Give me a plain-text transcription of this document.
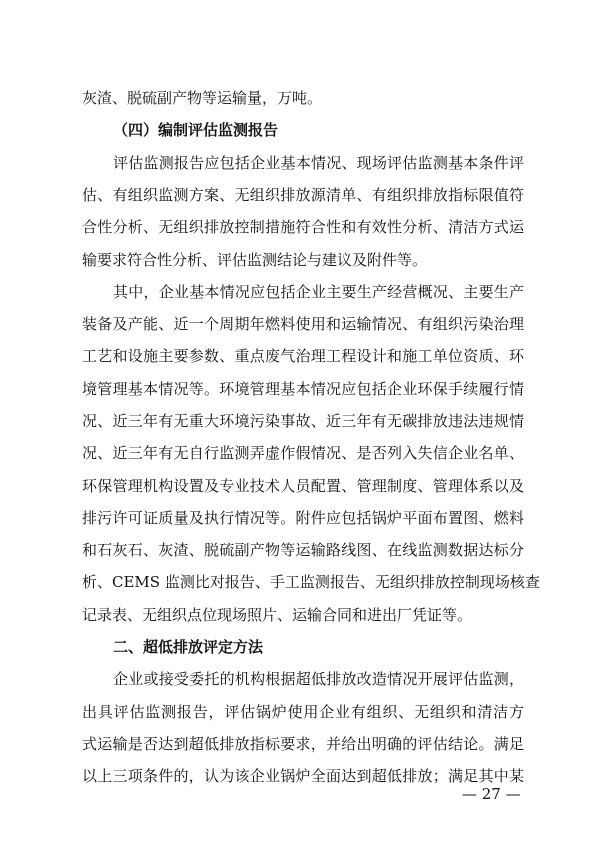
灰渣、脱硫副产物等运输量，万吨。
（四）编制评估监测报告
评估监测报告应包括企业基本情况、现场评估监测基本条件评
估、有组织监测方案、无组织排放源清单、有组织排放指标限值符
合性分析、无组织排放控制措施符合性和有效性分析、清洁方式运
输要求符合性分析、评估监测结论与建议及附件等。
其中，企业基本情况应包括企业主要生产经营概况、主要生产
装备及产能、近一个周期年燃料使用和运输情况、有组织污染治理
工艺和设施主要参数、重点废气治理工程设计和施工单位资质、环
境管理基本情况等。环境管理基本情况应包括企业环保手续履行情
况、近三年有无重大环境污染事故、近三年有无碳排放违法违规情
况、近三年有无自行监测弄虚作假情况、是否列入失信企业名单、
环保管理机构设置及专业技术人员配置、管理制度、管理体系以及
排污许可证质量及执行情况等。附件应包括锅炉平面布置图、燃料
和石灰石、灰渣、脱硫副产物等运输路线图、在线监测数据达标分
析、CEMS 监测比对报告、手工监测报告、无组织排放控制现场核查
记录表、无组织点位现场照片、运输合同和进出厂凭证等。
二、超低排放评定方法
企业或接受委托的机构根据超低排放改造情况开展评估监测，
出具评估监测报告，评估锅炉使用企业有组织、无组织和清洁方
式运输是否达到超低排放指标要求，并给出明确的评估结论。满足
以上三项条件的，认为该企业锅炉全面达到超低排放；满足其中某
— 27 —
